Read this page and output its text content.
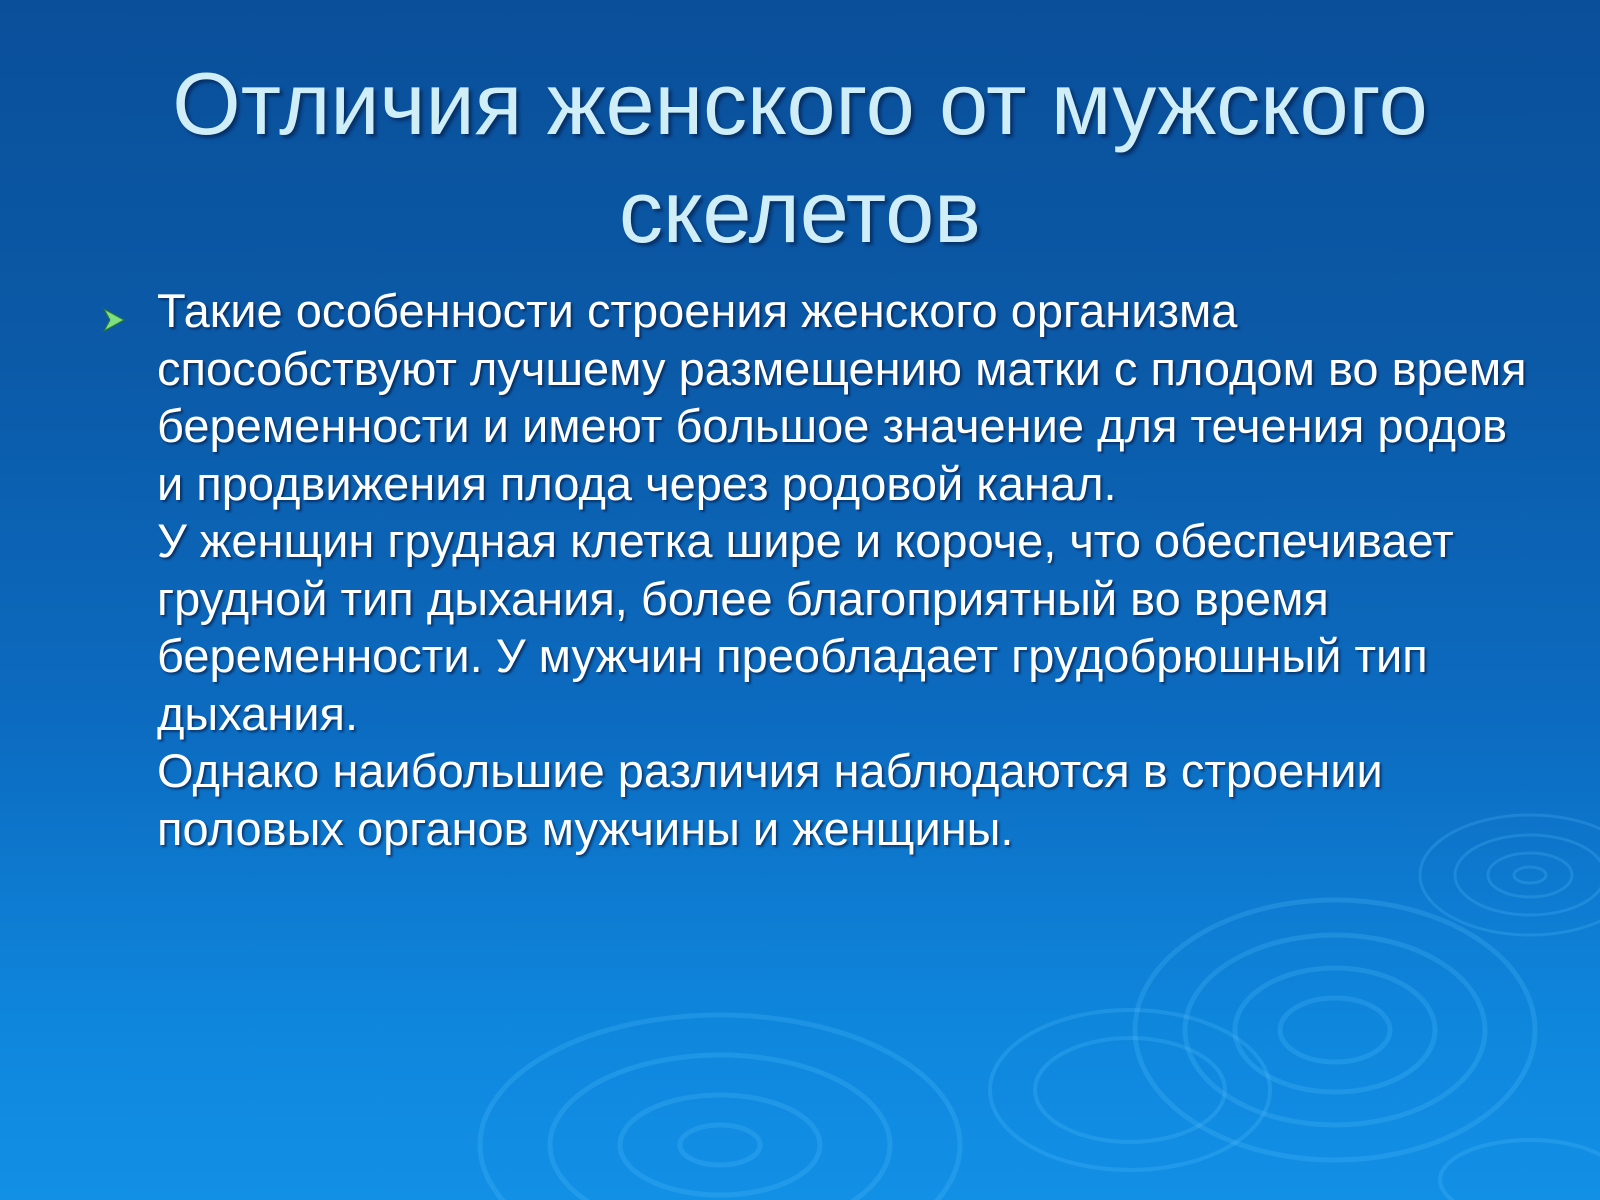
Отличия женского от мужского скелетов
Такие особенности строения женского организма способствуют лучшему размещению матки с плодом во время беременности и имеют большое значение для течения родов и продвижения плода через родовой канал.
У женщин грудная клетка шире и короче, что обеспечивает грудной тип дыхания, более благоприятный во время беременности. У мужчин преобладает грудобрюшный тип дыхания.
Однако наибольшие различия наблюдаются в строении половых органов мужчины и женщины.
